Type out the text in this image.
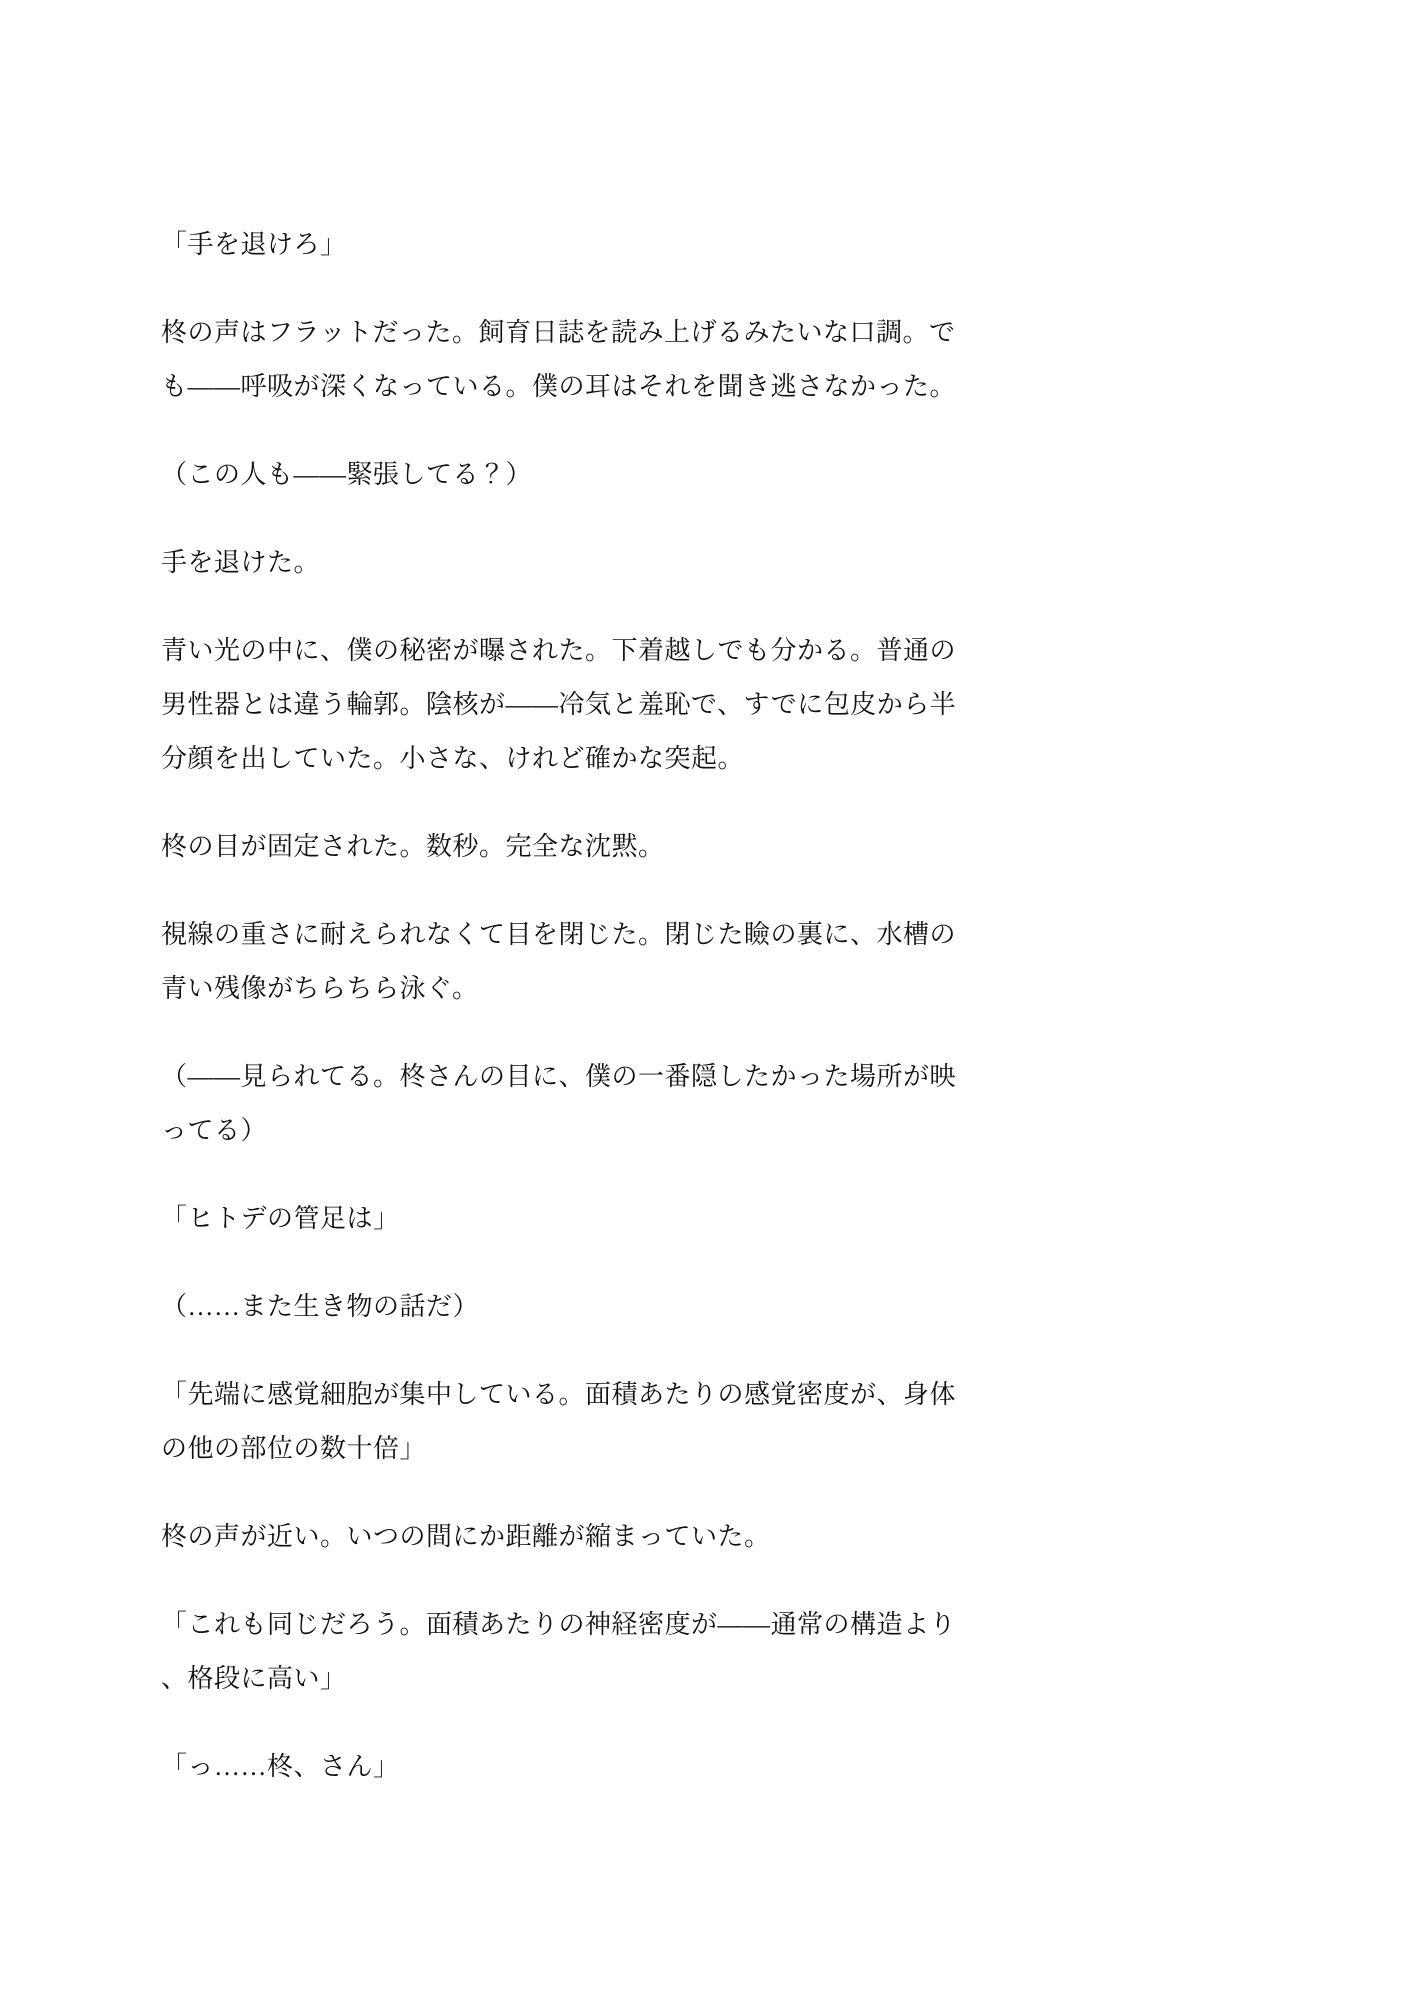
「手を退けろ」
柊の声はフラットだった。飼育日誌を読み上げるみたいな口調。で
も――呼吸が深くなっている。僕の耳はそれを聞き逃さなかった。
（この人も――緊張してる？）
手を退けた。
青い光の中に、僕の秘密が曝された。下着越しでも分かる。普通の
男性器とは違う輪郭。陰核が――冷気と羞恥で、すでに包皮から半
分顔を出していた。小さな、けれど確かな突起。
柊の目が固定された。数秒。完全な沈黙。
視線の重さに耐えられなくて目を閉じた。閉じた瞼の裏に、水槽の
青い残像がちらちら泳ぐ。
（――見られてる。柊さんの目に、僕の一番隠したかった場所が映
ってる）
「ヒトデの管足は」
（……また生き物の話だ）
「先端に感覚細胞が集中している。面積あたりの感覚密度が、身体
の他の部位の数十倍」
柊の声が近い。いつの間にか距離が縮まっていた。
「これも同じだろう。面積あたりの神経密度が――通常の構造より
、格段に高い」
「っ……柊、さん」
